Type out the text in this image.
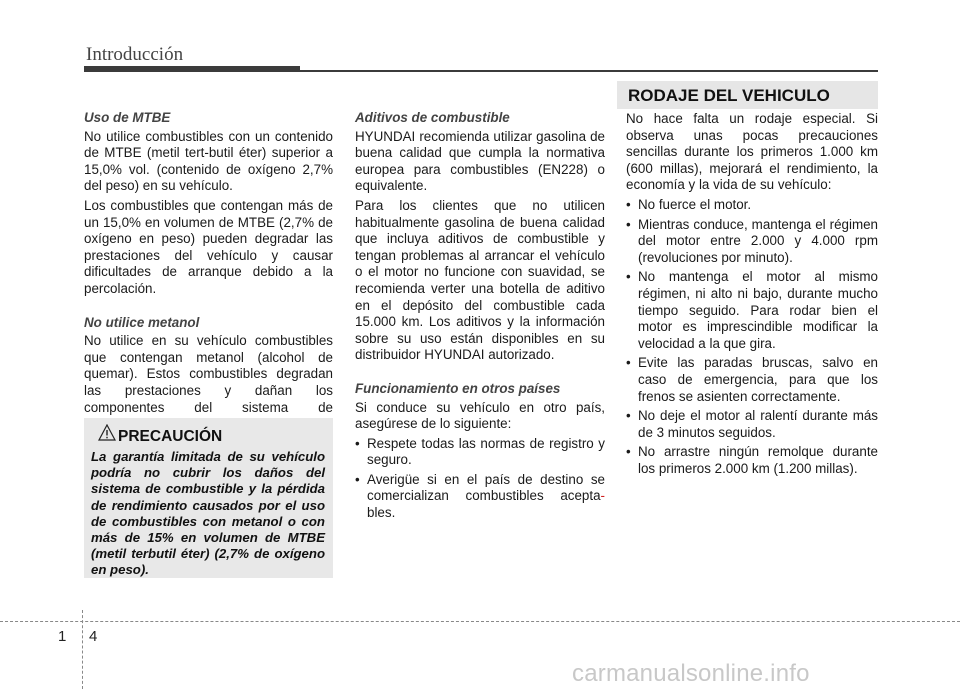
Introducción
Uso de MTBE

No utilice combustibles con un contenido de MTBE (metil tert-butil éter) superior a 15,0% vol. (contenido de oxígeno 2,7% del peso) en su vehículo.

Los combustibles que contengan más de un 15,0% en volumen de MTBE (2,7% de oxígeno en peso) pueden degradar las prestaciones del vehículo y causar dificultades de arranque debido a la percolación.

No utilice metanol

No utilice en su vehículo combustibles que contengan metanol (alcohol de quemar). Estos combustibles degradan las prestaciones y dañan los componentes del sistema de

PRECAUCIÓN
La garantía limitada de su vehículo podría no cubrir los daños del sistema de combustible y la pérdida de rendimiento causados por el uso de combustibles con metanol o con más de 15% en volumen de MTBE (metil terbutil éter) (2,7% de oxígeno en peso).
Aditivos de combustible

HYUNDAI recomienda utilizar gasolina de buena calidad que cumpla la normativa europea para combustibles (EN228) o equivalente.

Para los clientes que no utilicen habitualmente gasolina de buena calidad que incluya aditivos de combustible y tengan problemas al arrancar el vehículo o el motor no funcione con suavidad, se recomienda verter una botella de aditivo en el depósito del combustible cada 15.000 km. Los aditivos y la información sobre su uso están disponibles en su distribuidor HYUNDAI autorizado.

Funcionamiento en otros países

Si conduce su vehículo en otro país, asegúrese de lo siguiente:

• Respete todas las normas de registro y seguro.
• Averigüe si en el país de destino se comercializan combustibles acepta- bles.
RODAJE DEL VEHICULO

No hace falta un rodaje especial. Si observa unas pocas precauciones sencillas durante los primeros 1.000 km (600 millas), mejorará el rendimiento, la economía y la vida de su vehículo:

• No fuerce el motor.
• Mientras conduce, mantenga el régimen del motor entre 2.000 y 4.000 rpm (revoluciones por minuto).
• No mantenga el motor al mismo régimen, ni alto ni bajo, durante mucho tiempo seguido. Para rodar bien el motor es imprescindible modificar la velocidad a la que gira.
• Evite las paradas bruscas, salvo en caso de emergencia, para que los frenos se asienten correctamente.
• No deje el motor al ralentí durante más de 3 minutos seguidos.
• No arrastre ningún remolque durante los primeros 2.000 km (1.200 millas).
1 4
carmanualsonline.info
